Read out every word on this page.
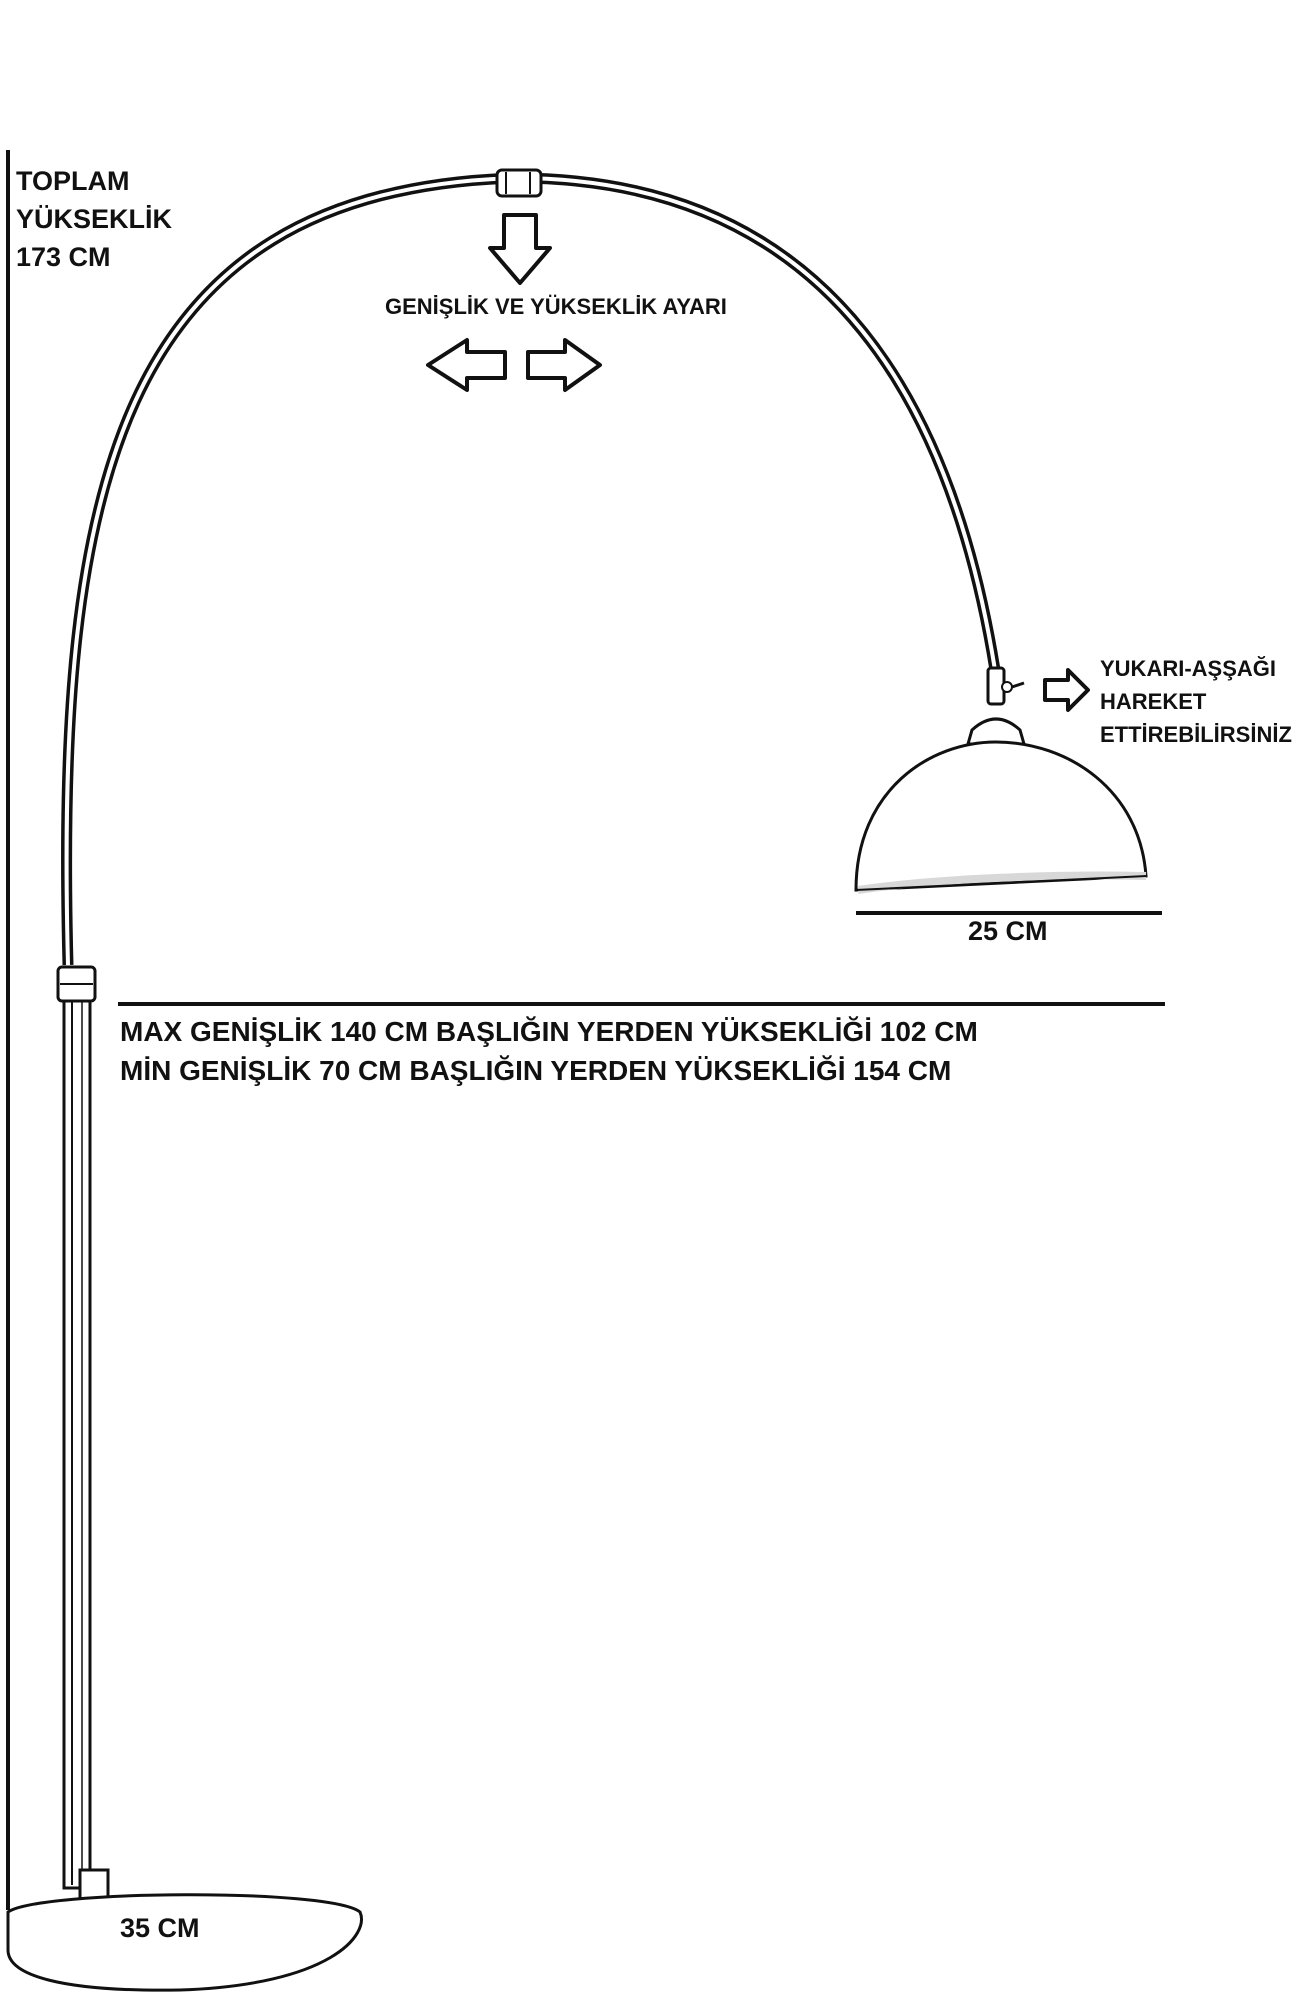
TOPLAM
YÜKSEKLİK
173 CM
GENİŞLİK VE YÜKSEKLİK AYARI
YUKARI-AŞŞAĞI
HAREKET
ETTİREBİLİRSİNİZ
25 CM
MAX GENİŞLİK 140 CM BAŞLIĞIN YERDEN YÜKSEKLİĞİ 102 CM
MİN GENİŞLİK 70 CM BAŞLIĞIN YERDEN YÜKSEKLİĞİ 154 CM
35 CM
